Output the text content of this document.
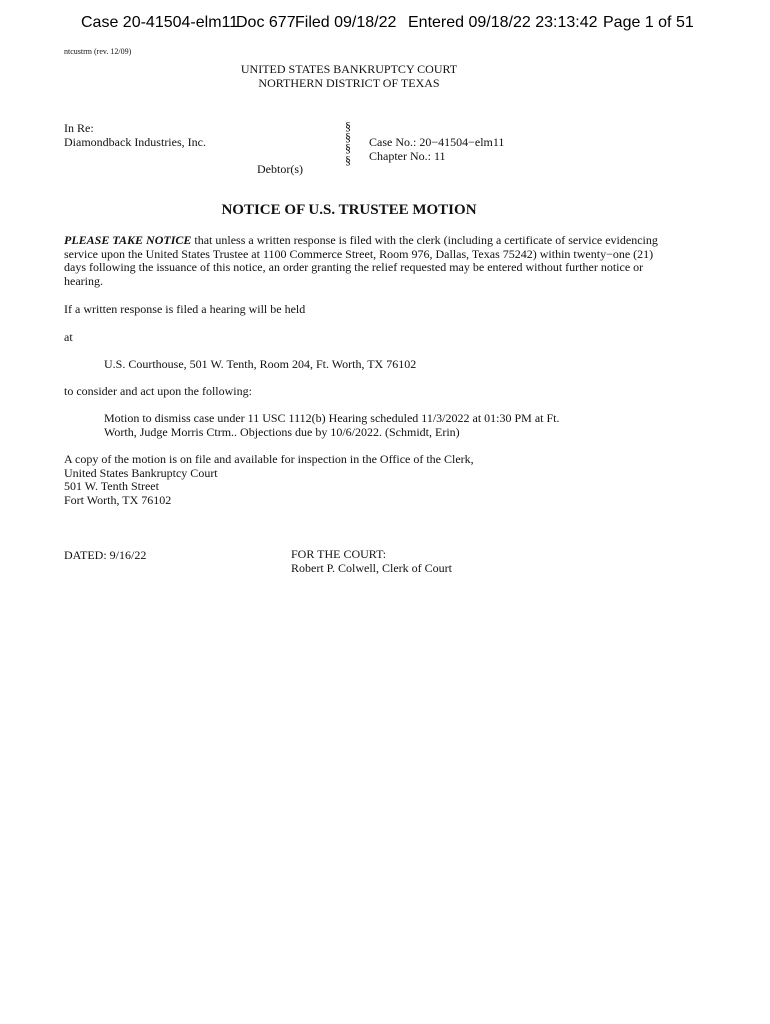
Case 20-41504-elm11
Doc 677 Filed 09/18/22 Entered 09/18/22 23:13:42 Page 1 of 51
ntcustrm (rev. 12/09)
UNITED STATES BANKRUPTCY COURT
NORTHERN DISTRICT OF TEXAS
In Re:
Diamondback Industries, Inc.
Debtor(s)
§
§
§
§
Case No.: 20−41504−elm11
Chapter No.: 11
NOTICE OF U.S. TRUSTEE MOTION
PLEASE TAKE NOTICE that unless a written response is filed with the clerk (including a certificate of service evidencing service upon the United States Trustee at 1100 Commerce Street, Room 976, Dallas, Texas 75242) within twenty−one (21) days following the issuance of this notice, an order granting the relief requested may be entered without further notice or hearing.
If a written response is filed a hearing will be held
at
U.S. Courthouse, 501 W. Tenth, Room 204, Ft. Worth, TX 76102
to consider and act upon the following:
Motion to dismiss case under 11 USC 1112(b) Hearing scheduled 11/3/2022 at 01:30 PM at Ft.
Worth, Judge Morris Ctrm.. Objections due by 10/6/2022. (Schmidt, Erin)
A copy of the motion is on file and available for inspection in the Office of the Clerk,
United States Bankruptcy Court
501 W. Tenth Street
Fort Worth, TX 76102
DATED: 9/16/22	FOR THE COURT:
Robert P. Colwell, Clerk of Court
